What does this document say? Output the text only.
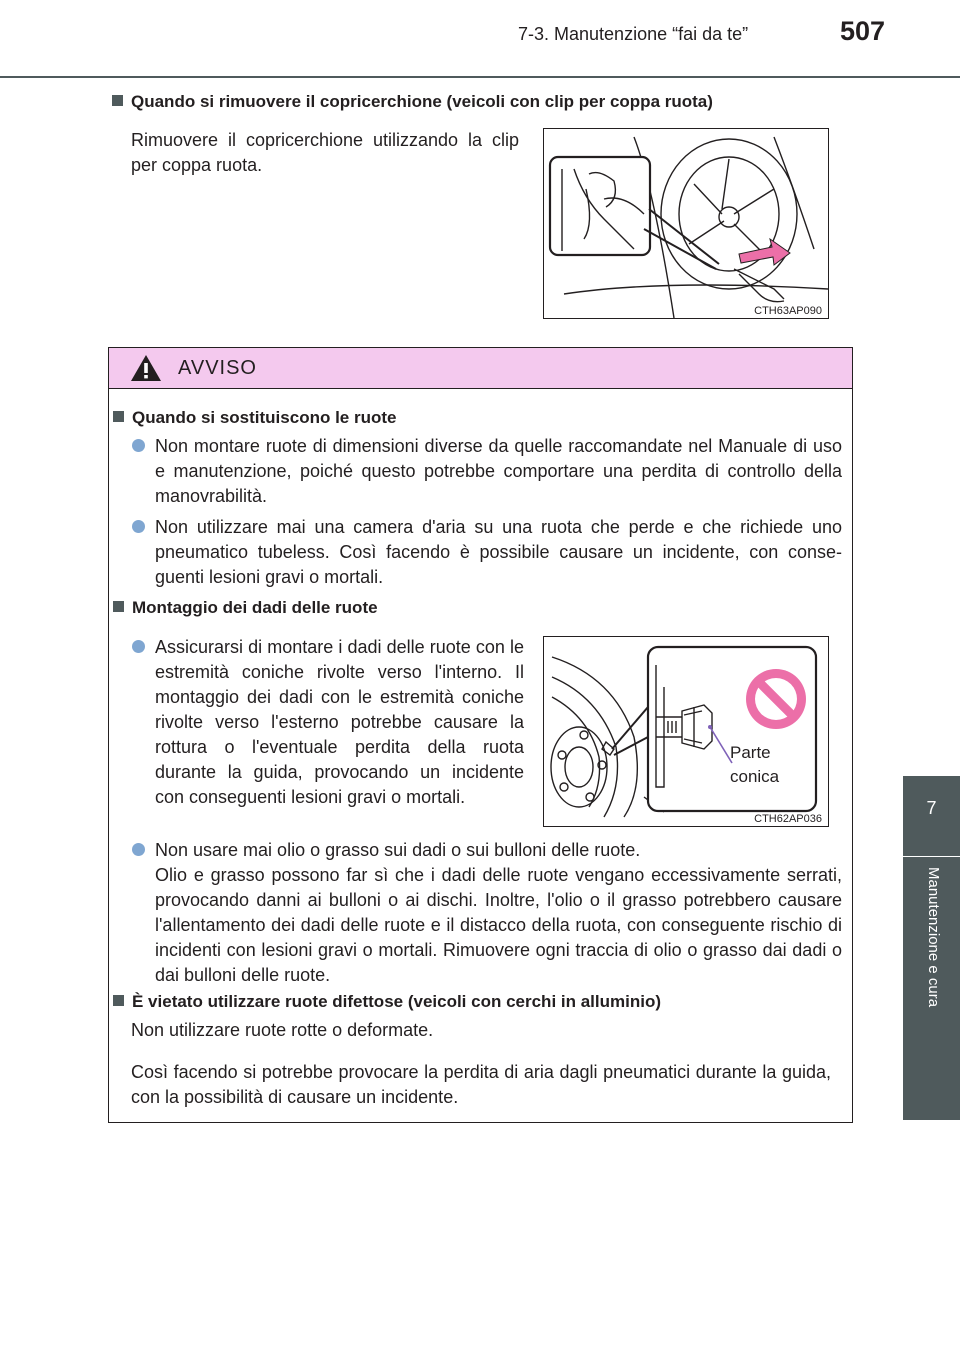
7-3. Manutenzione “fai da te”	507
7
Manutenzione e cura
Quando si rimuovere il copricerchione (veicoli con clip per coppa ruota)
Rimuovere il copricerchione utilizzando la clip per coppa ruota.
CTH63AP090
AVVISO
Quando si sostituiscono le ruote
Non montare ruote di dimensioni diverse da quelle raccomandate nel Manuale di uso e manutenzione, poiché questo potrebbe comportare una perdita di controllo della manovrabilità.
Non utilizzare mai una camera d'aria su una ruota che perde e che richiede uno pneumatico tubeless. Così facendo è possibile causare un incidente, con conse-guenti lesioni gravi o mortali.
Montaggio dei dadi delle ruote
Assicurarsi di montare i dadi delle ruote con le estremità coniche rivolte verso l'interno. Il montaggio dei dadi con le estremità coniche rivolte verso l'esterno potrebbe causare la rottura o l'eventuale perdita della ruota durante la guida, provocando un incidente con conseguenti lesioni gravi o mortali.
Parte
conica
CTH62AP036
Non usare mai olio o grasso sui dadi o sui bulloni delle ruote.
Olio e grasso possono far sì che i dadi delle ruote vengano eccessivamente serrati, provocando danni ai bulloni o ai dischi. Inoltre, l'olio o il grasso potrebbero causare l'allentamento dei dadi delle ruote e il distacco della ruota, con conseguente rischio di incidenti con lesioni gravi o mortali. Rimuovere ogni traccia di olio o grasso dai dadi o dai bulloni delle ruote.
È vietato utilizzare ruote difettose (veicoli con cerchi in alluminio)
Non utilizzare ruote rotte o deformate.
Così facendo si potrebbe provocare la perdita di aria dagli pneumatici durante la guida, con la possibilità di causare un incidente.
